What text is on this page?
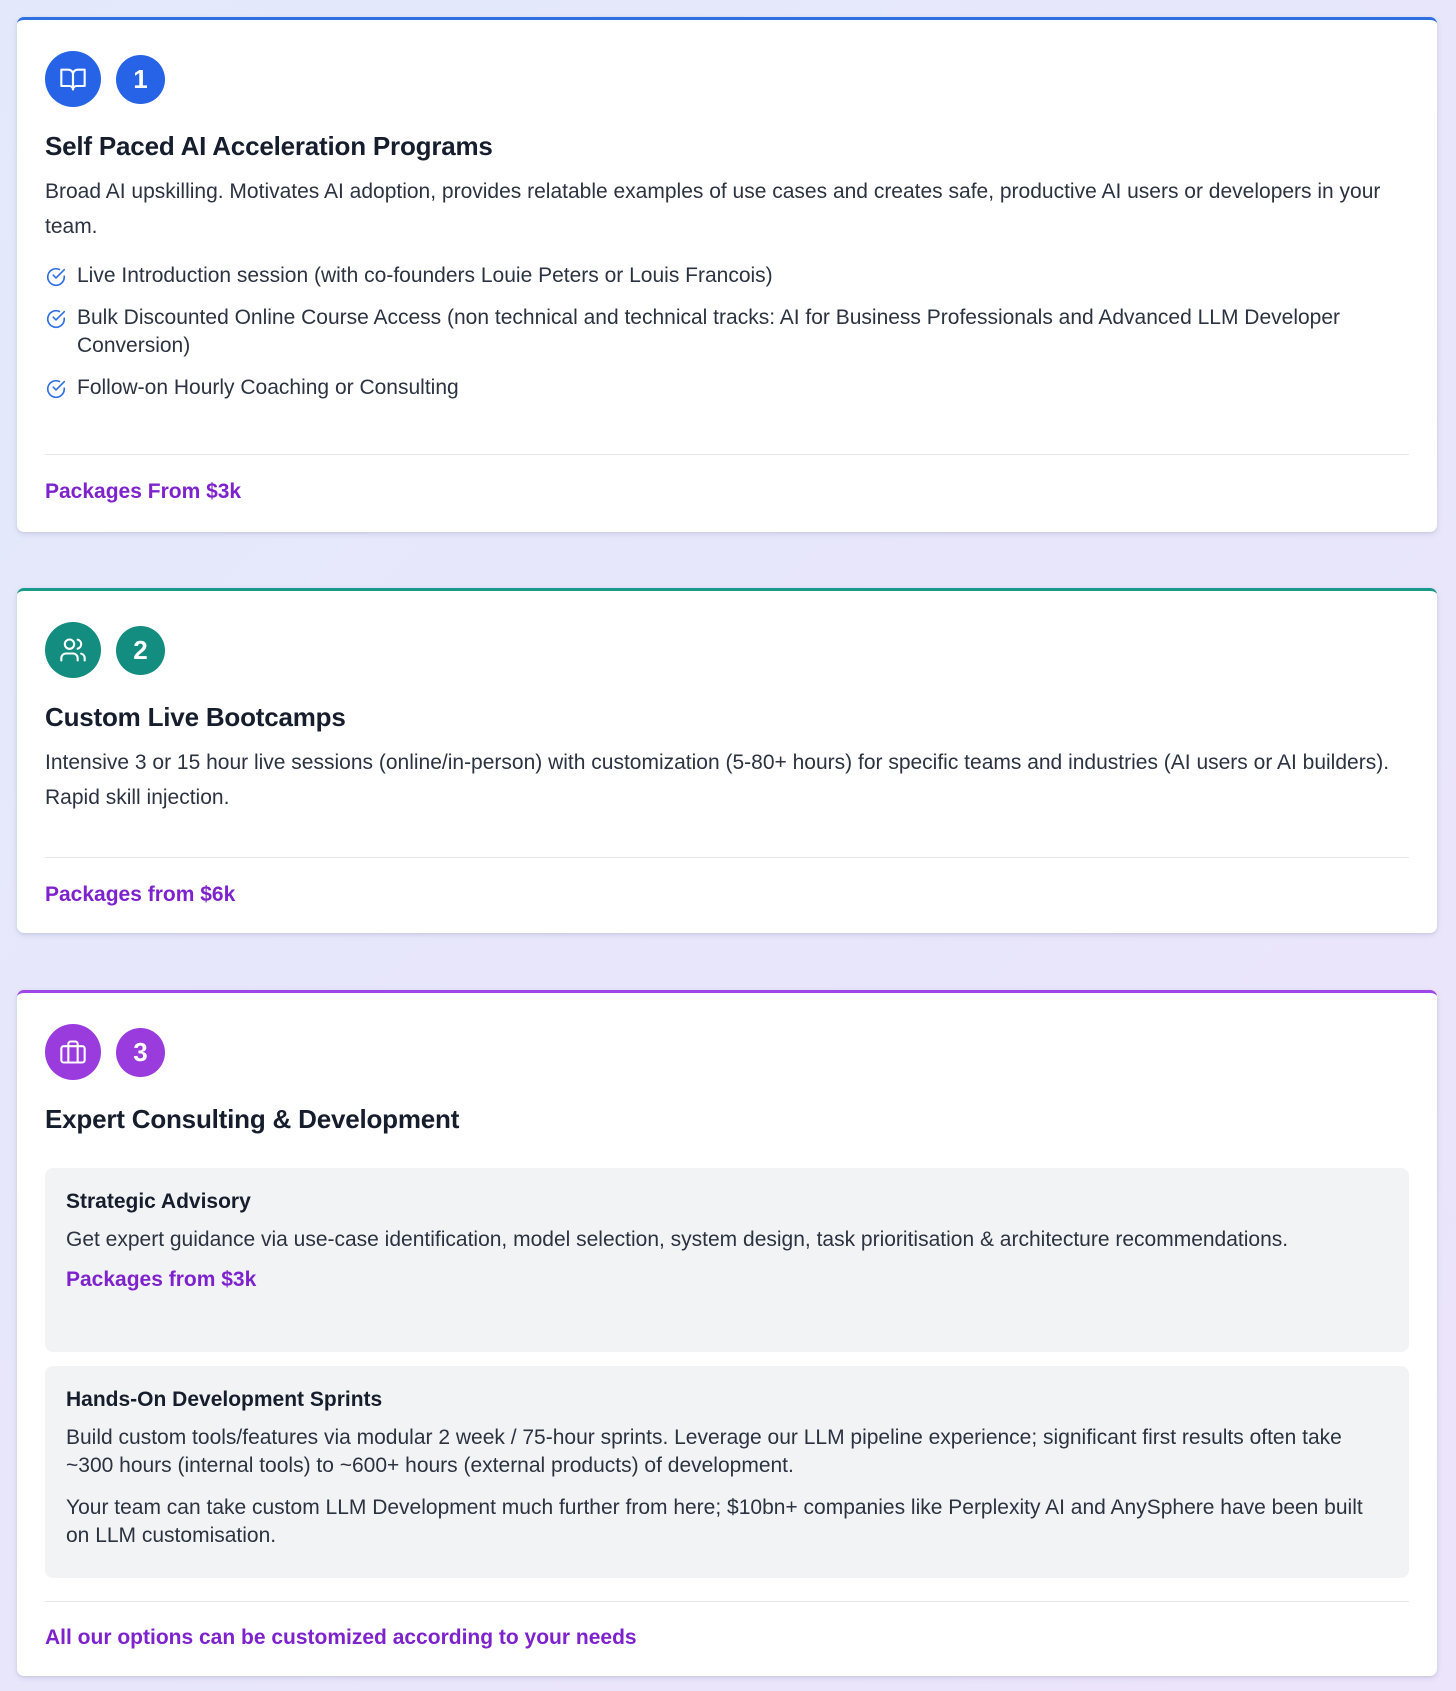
1
Self Paced AI Acceleration Programs
Broad AI upskilling. Motivates AI adoption, provides relatable examples of use cases and creates safe, productive AI users or developers in your team.
Live Introduction session (with co-founders Louie Peters or Louis Francois)
Bulk Discounted Online Course Access (non technical and technical tracks: AI for Business Professionals and Advanced LLM Developer Conversion)
Follow-on Hourly Coaching or Consulting
Packages From $3k
2
Custom Live Bootcamps
Intensive 3 or 15 hour live sessions (online/in-person) with customization (5-80+ hours) for specific teams and industries (AI users or AI builders). Rapid skill injection.
Packages from $6k
3
Expert Consulting & Development
Strategic Advisory
Get expert guidance via use-case identification, model selection, system design, task prioritisation & architecture recommendations.
Packages from $3k
Hands-On Development Sprints
Build custom tools/features via modular 2 week / 75-hour sprints. Leverage our LLM pipeline experience; significant first results often take ~300 hours (internal tools) to ~600+ hours (external products) of development.
Your team can take custom LLM Development much further from here; $10bn+ companies like Perplexity AI and AnySphere have been built on LLM customisation.
All our options can be customized according to your needs
